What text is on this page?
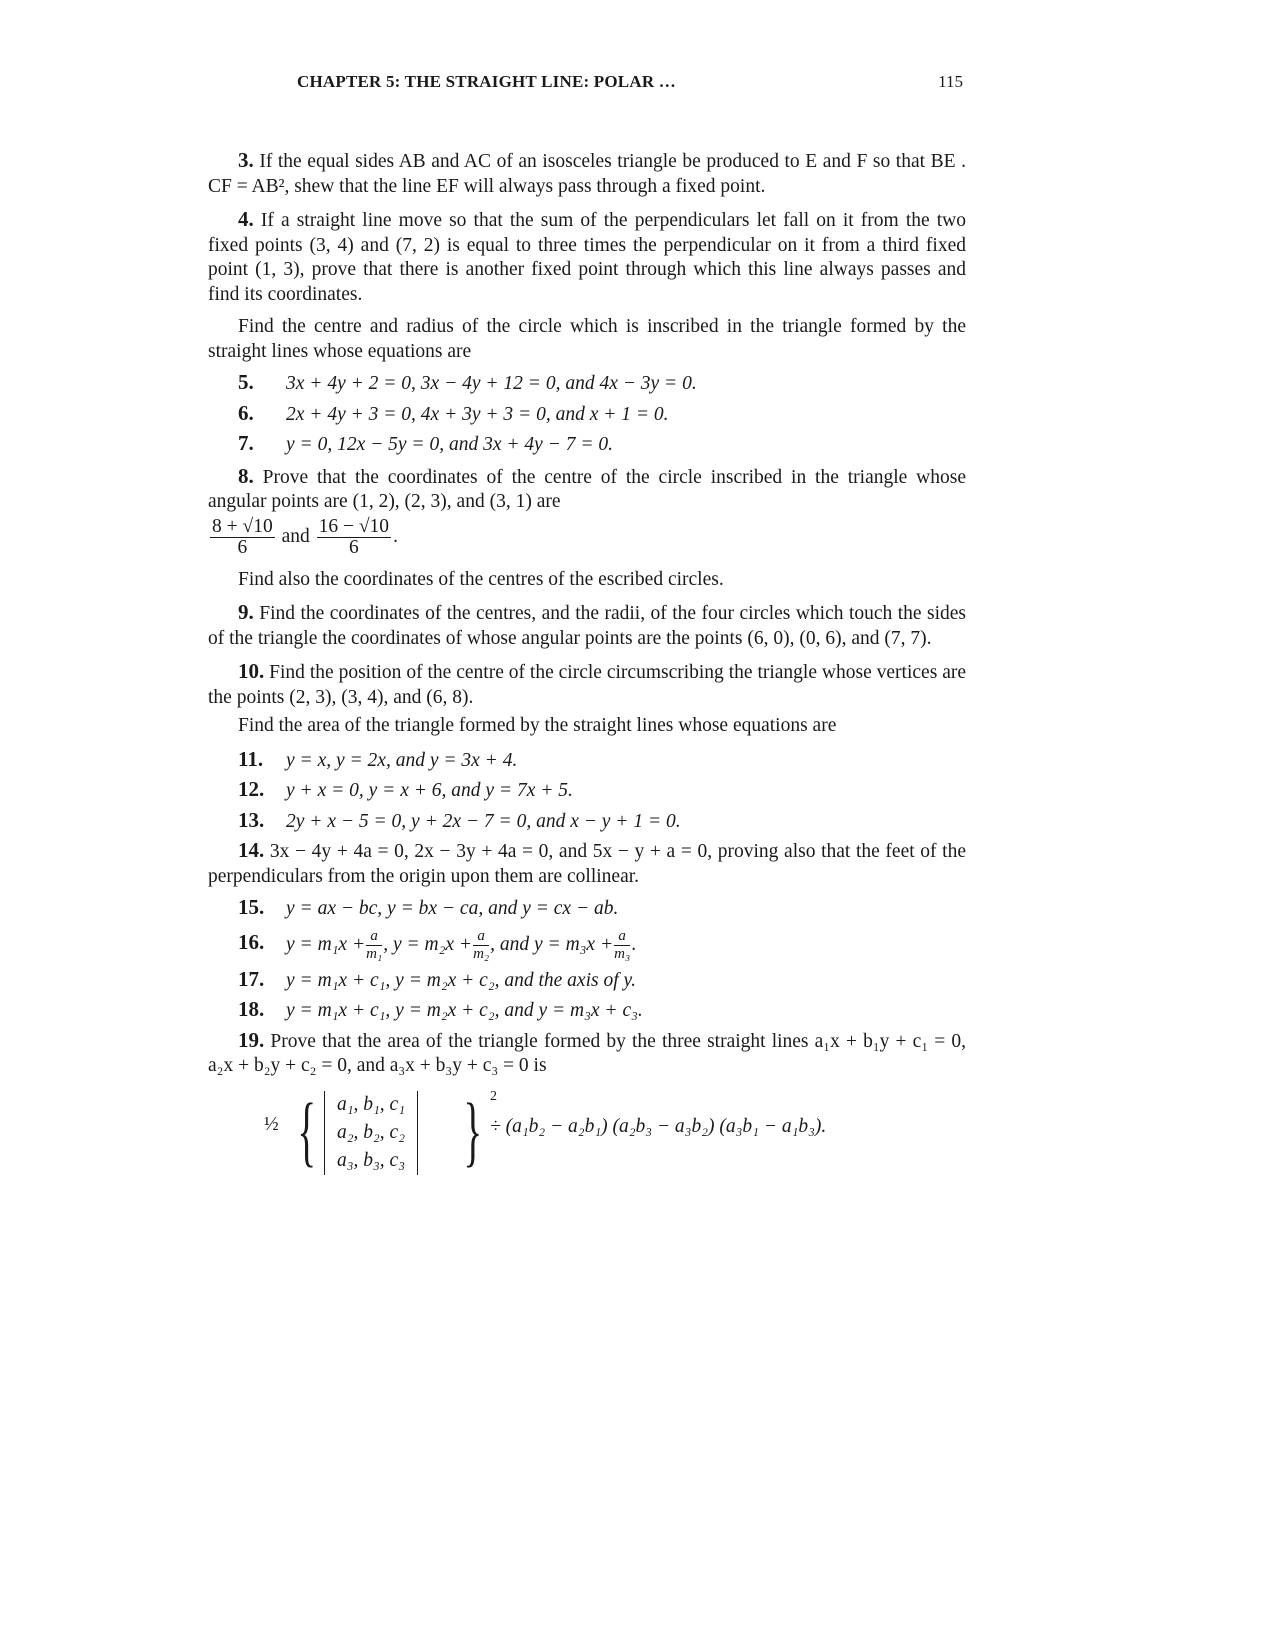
CHAPTER 5: THE STRAIGHT LINE: POLAR …	115

3. If the equal sides AB and AC of an isosceles triangle be produced to E and F so that BE . CF = AB², shew that the line EF will always pass through a fixed point.

4. If a straight line move so that the sum of the perpendiculars let fall on it from the two fixed points (3, 4) and (7, 2) is equal to three times the perpendicular on it from a third fixed point (1, 3), prove that there is another fixed point through which this line always passes and find its coordinates.

Find the centre and radius of the circle which is inscribed in the triangle formed by the straight lines whose equations are

5. 3x + 4y + 2 = 0, 3x − 4y + 12 = 0, and 4x − 3y = 0.

6. 2x + 4y + 3 = 0, 4x + 3y + 3 = 0, and x + 1 = 0.

7. y = 0, 12x − 5y = 0, and 3x + 4y − 7 = 0.

8. Prove that the coordinates of the centre of the circle inscribed in the triangle whose angular points are (1, 2), (2, 3), and (3, 1) are

$\frac{8 + √10}{6}$ and $\frac{16 - √10}{6}$ .

Find also the coordinates of the centres of the escribed circles.

9. Find the coordinates of the centres, and the radii, of the four circles which touch the sides of the triangle the coordinates of whose angular points are the points (6, 0), (0, 6), and (7, 7).

10. Find the position of the centre of the circle circumscribing the triangle whose vertices are the points (2, 3), (3, 4), and (6, 8).

Find the area of the triangle formed by the straight lines whose equations are

11. y = x, y = 2x, and y = 3x + 4.

12. y + x = 0, y = x + 6, and y = 7x + 5.

13. 2y + x − 5 = 0, y + 2x − 7 = 0, and x − y + 1 = 0.

14. 3x − 4y + 4a = 0, 2x − 3y + 4a = 0, and 5x − y + a = 0, proving also that the feet of the perpendiculars from the origin upon them are collinear.

15. y = ax − bc, y = bx − ca, and y = cx − ab.

16. $y = m_1x + \frac{a}{\text{m₁}}$ , $y = m_2x + \frac{a}{\text{m₂}}$ , and $y = m_3x + \frac{a}{\text{m₃}}$ .

17. y = m₁x + c₁, y = m₂x + c₂, and the axis of y.

18. y = m₁x + c₁, y = m₂x + c₂, and y = m₃x + c₃.

19. Prove that the area of the triangle formed by the three straight lines a₁x + b₁y + c₁ = 0, a₂x + b₂y + c₂ = 0, and a₃x + b₃y + c₃ = 0 is

½ { a₁, b₁, c₁
a₂, b₂, c₂
a₃, b₃, c₃ } 2
÷ (a₁b₂ − a₂b₁) (a₂b₃ − a₃b₂) (a₃b₁ − a₁b₃).
